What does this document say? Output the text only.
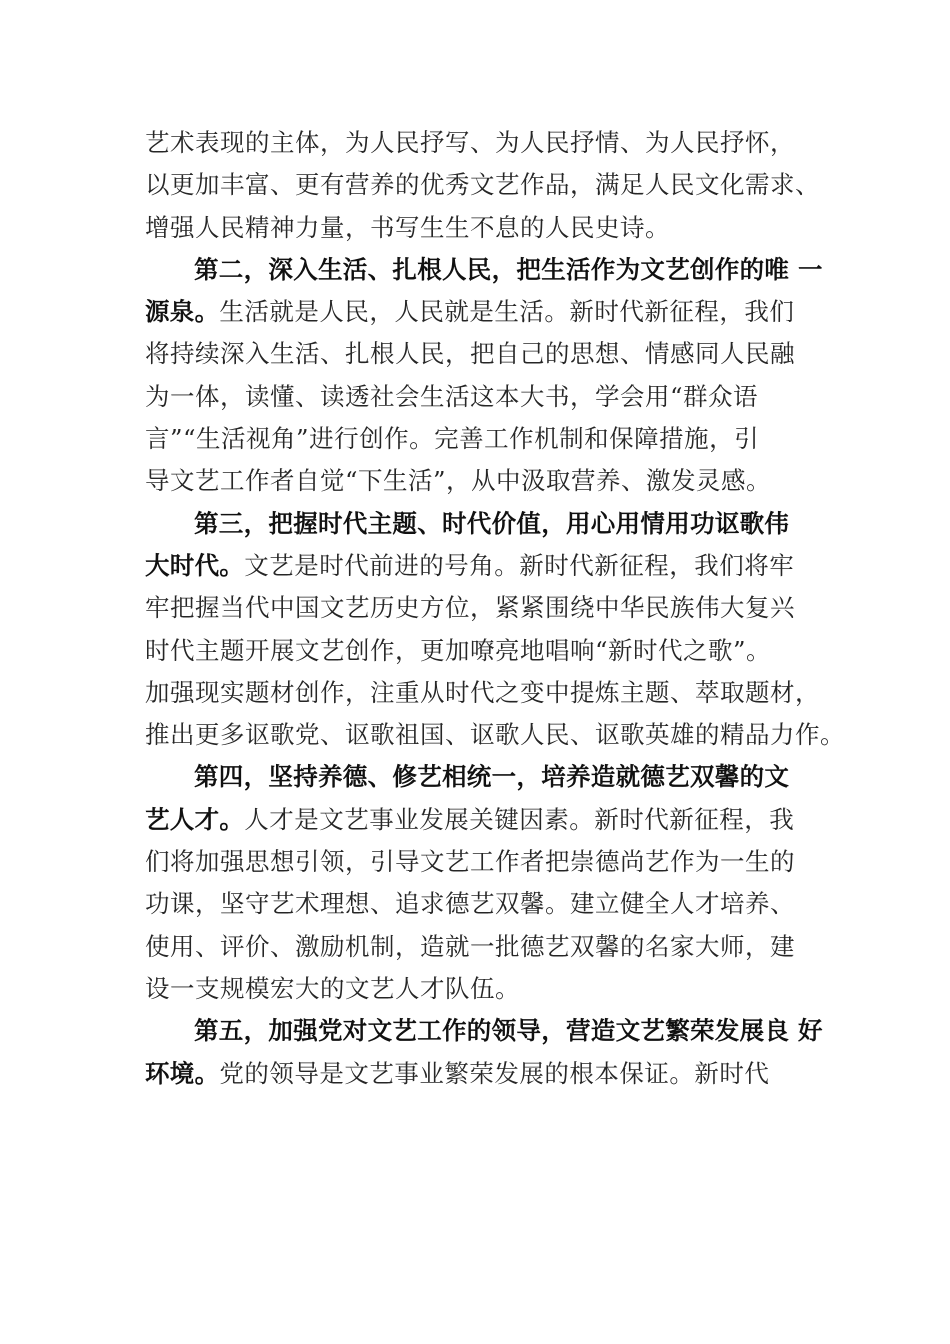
艺术表现的主体，为人民抒写、为人民抒情、为人民抒怀，
以更加丰富、更有营养的优秀文艺作品，满足人民文化需求、
增强人民精神力量，书写生生不息的人民史诗。
第二，深入生活、扎根人民，把生活作为文艺创作的唯 一
源泉。生活就是人民，人民就是生活。新时代新征程，我们
将持续深入生活、扎根人民，把自己的思想、情感同人民融
为一体，读懂、读透社会生活这本大书，学会用“群众语
言”“生活视角”进行创作。完善工作机制和保障措施，引
导文艺工作者自觉“下生活”，从中汲取营养、激发灵感。
第三，把握时代主题、时代价值，用心用情用功讴歌伟
大时代。文艺是时代前进的号角。新时代新征程，我们将牢
牢把握当代中国文艺历史方位，紧紧围绕中华民族伟大复兴
时代主题开展文艺创作，更加嘹亮地唱响“新时代之歌”。
加强现实题材创作，注重从时代之变中提炼主题、萃取题材，
推出更多讴歌党、讴歌祖国、讴歌人民、讴歌英雄的精品力作。
第四，坚持养德、修艺相统一，培养造就德艺双馨的文
艺人才。人才是文艺事业发展关键因素。新时代新征程，我
们将加强思想引领，引导文艺工作者把崇德尚艺作为一生的
功课，坚守艺术理想、追求德艺双馨。建立健全人才培养、
使用、评价、激励机制，造就一批德艺双馨的名家大师，建
设一支规模宏大的文艺人才队伍。
第五，加强党对文艺工作的领导，营造文艺繁荣发展良 好
环境。党的领导是文艺事业繁荣发展的根本保证。新时代
